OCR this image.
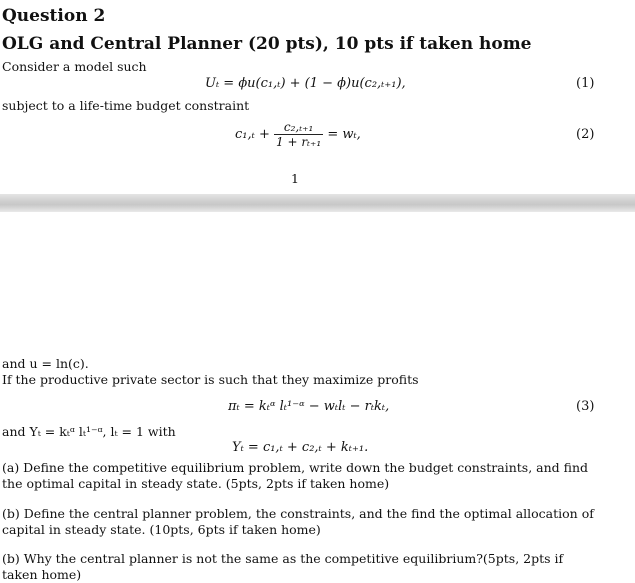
Question 2
OLG and Central Planner (20 pts), 10 pts if taken home
Consider a model such
Uₜ = ϕu(c₁,ₜ) + (1 − ϕ)u(c₂,ₜ₊₁),	(1)
subject to a life-time budget constraint
$c_1,_t + \frac{\text{c₂,ₜ₊₁}}{\text{1 + rₜ₊₁}} = w_t$,	(2)
1
and u = ln(c).
If the productive private sector is such that they maximize profits
πₜ = kₜᵅ lₜ¹⁻ᵅ − wₜlₜ − rₜkₜ,	(3)
and Yₜ = kₜᵅ lₜ¹⁻ᵅ, lₜ = 1 with
Yₜ = c₁,ₜ + c₂,ₜ + kₜ₊₁.
(a) Define the competitive equilibrium problem, write down the budget constraints, and find the optimal capital in steady state. (5pts, 2pts if taken home)
(b) Define the central planner problem, the constraints, and the find the optimal allocation of capital in steady state. (10pts, 6pts if taken home)
(b) Why the central planner is not the same as the competitive equilibrium?(5pts, 2pts if taken home)
